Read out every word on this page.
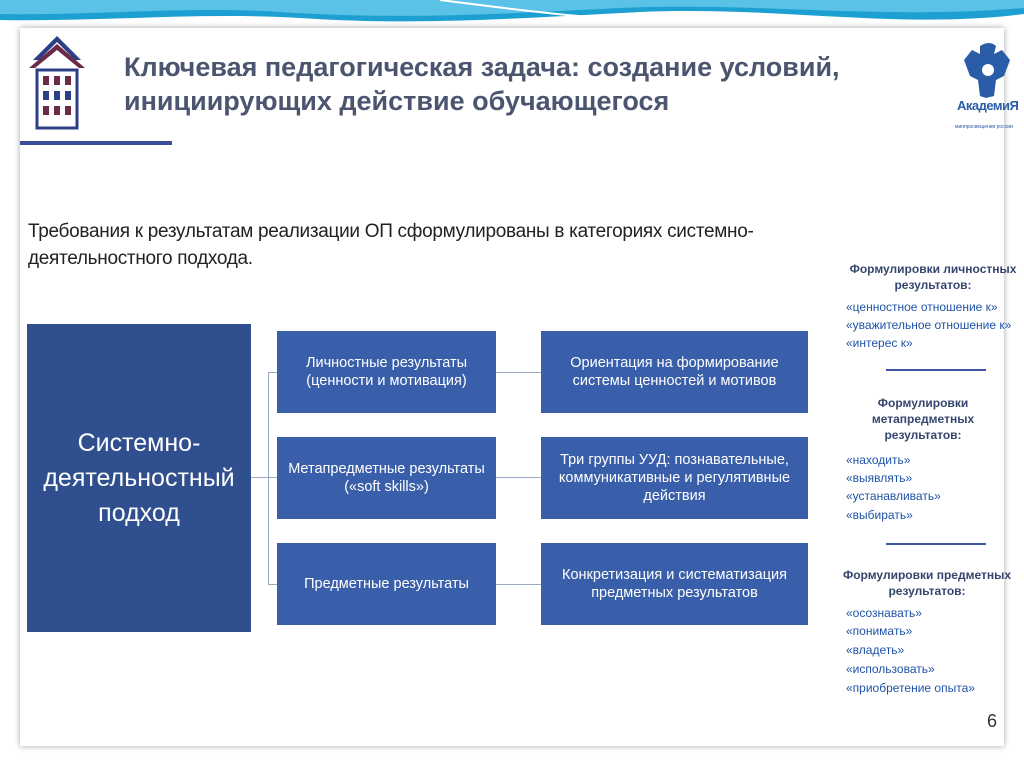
Ключевая педагогическая задача: создание условий, инициирующих действие обучающегося	АкадемиЯ
минпросвещения россии
Требования к результатам реализации ОП сформулированы в категориях системно-деятельностного подхода.
Системно-деятельностный подход
Личностные результаты (ценности и мотивация)
Метапредметные результаты («soft skills»)
Предметные результаты
Ориентация на формирование системы ценностей и мотивов
Три группы УУД: познавательные, коммуникативные и регулятивные действия
Конкретизация и систематизация предметных результатов
Формулировки личностных результатов:
«ценностное отношение к»
«уважительное отношение к»
«интерес к»
Формулировки метапредметных результатов:
«находить»
«выявлять»
«устанавливать»
«выбирать»
Формулировки предметных результатов:
«осознавать»
«понимать»
«владеть»
«использовать»
«приобретение опыта»
6
